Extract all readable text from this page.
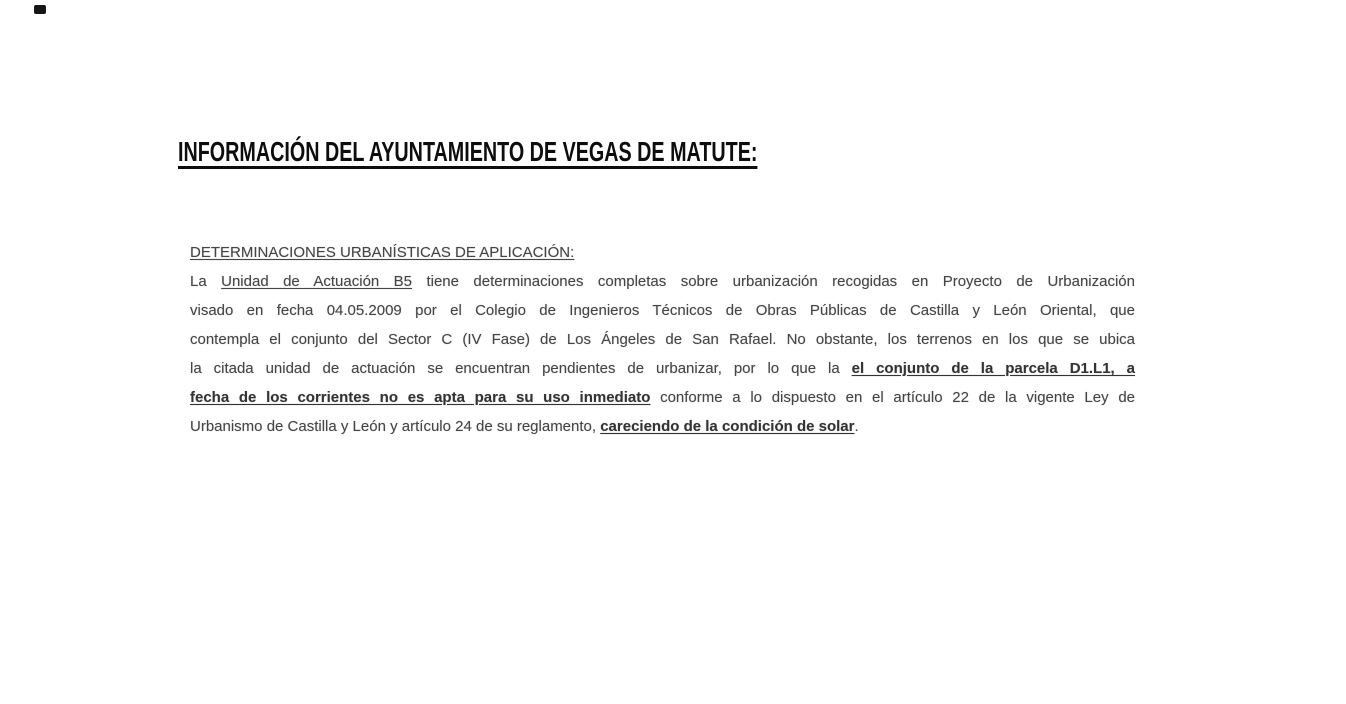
INFORMACIÓN DEL AYUNTAMIENTO DE VEGAS DE MATUTE:
DETERMINACIONES URBANÍSTICAS DE APLICACIÓN:
La Unidad de Actuación B5 tiene determinaciones completas sobre urbanización recogidas en Proyecto de Urbanización
visado en fecha 04.05.2009 por el Colegio de Ingenieros Técnicos de Obras Públicas de Castilla y León Oriental, que
contempla el conjunto del Sector C (IV Fase) de Los Ángeles de San Rafael. No obstante, los terrenos en los que se ubica
la citada unidad de actuación se encuentran pendientes de urbanizar, por lo que la el conjunto de la parcela D1.L1, a
fecha de los corrientes no es apta para su uso inmediato conforme a lo dispuesto en el artículo 22 de la vigente Ley de
Urbanismo de Castilla y León y artículo 24 de su reglamento, careciendo de la condición de solar.
